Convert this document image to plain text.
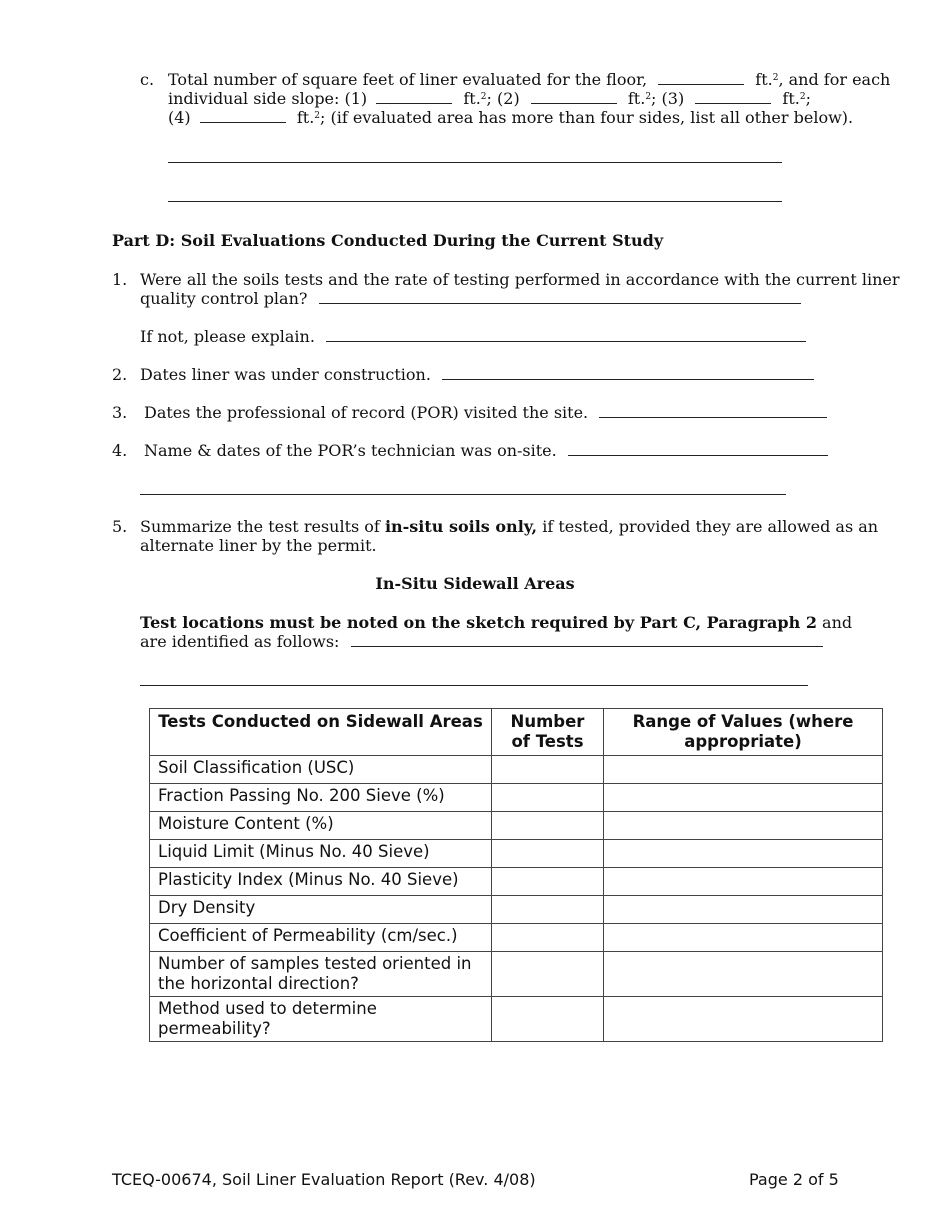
c. Total number of square feet of liner evaluated for the floor,	ft.$^2$, and for each
individual side slope: (1)	ft.$^2$; (2)	ft.$^2$; (3)	ft.$^2$;
(4)	ft.$^2$; (if evaluated area has more than four sides, list all other below).
Part D: Soil Evaluations Conducted During the Current Study
1. Were all the soils tests and the rate of testing performed in accordance with the current liner
quality control plan?
If not, please explain.
2. Dates liner was under construction.
3. Dates the professional of record (POR) visited the site.
4. Name & dates of the POR’s technician was on-site.
5. Summarize the test results of in-situ soils only, if tested, provided they are allowed as an
alternate liner by the permit.
In-Situ Sidewall Areas
Test locations must be noted on the sketch required by Part C, Paragraph 2 and
are identified as follows:
Tests Conducted on Sidewall Areas	Number of Tests	Range of Values (where appropriate)
Soil Classification (USC)		
Fraction Passing No. 200 Sieve (%)		
Moisture Content (%)		
Liquid Limit (Minus No. 40 Sieve)		
Plasticity Index (Minus No. 40 Sieve)		
Dry Density		
Coefficient of Permeability (cm/sec.)		
Number of samples tested oriented in the horizontal direction?		
Method used to determine permeability?		
TCEQ-00674, Soil Liner Evaluation Report (Rev. 4/08)	Page 2 of 5
